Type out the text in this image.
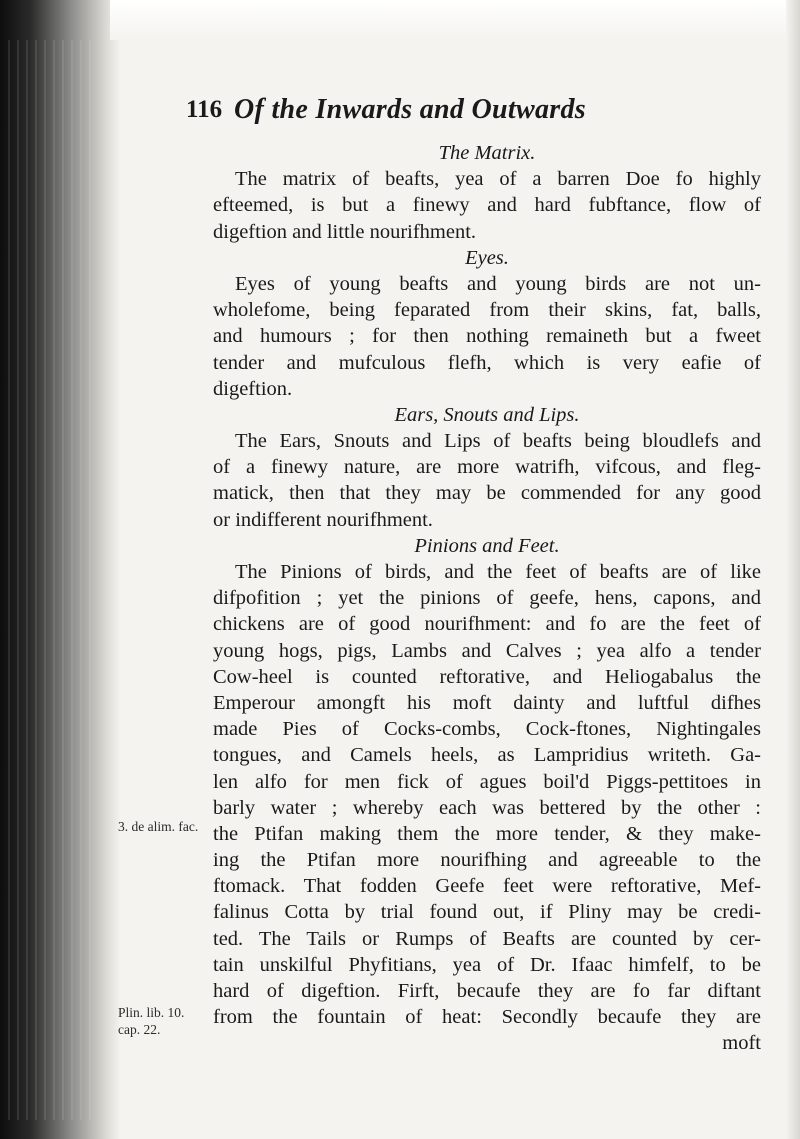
116 Of the Inwards and Outwards
The Matrix.
The matrix of beafts, yea of a barren Doe fo highly
efteemed, is but a finewy and hard fubftance, flow of
digeftion and little nourifhment.
Eyes.
Eyes of young beafts and young birds are not un-
wholefome, being feparated from their skins, fat, balls,
and humours ; for then nothing remaineth but a fweet
tender and mufculous flefh, which is very eafie of
digeftion.
Ears, Snouts and Lips.
The Ears, Snouts and Lips of beafts being bloudlefs and
of a finewy nature, are more watrifh, vifcous, and fleg-
matick, then that they may be commended for any good
or indifferent nourifhment.
Pinions and Feet.
The Pinions of birds, and the feet of beafts are of like
difpofition ; yet the pinions of geefe, hens, capons, and
chickens are of good nourifhment: and fo are the feet of
young hogs, pigs, Lambs and Calves ; yea alfo a tender
Cow-heel is counted reftorative, and Heliogabalus the
Emperour amongft his moft dainty and luftful difhes
made Pies of Cocks-combs, Cock-ftones, Nightingales
tongues, and Camels heels, as Lampridius writeth. Ga-
len alfo for men fick of agues boil'd Piggs-pettitoes in
barly water ; whereby each was bettered by the other :
the Ptifan making them the more tender, & they make-
ing the Ptifan more nourifhing and agreeable to the
ftomack. That fodden Geefe feet were reftorative, Mef-
falinus Cotta by trial found out, if Pliny may be credi-
ted. The Tails or Rumps of Beafts are counted by cer-
tain unskilful Phyfitians, yea of Dr. Ifaac himfelf, to be
hard of digeftion. Firft, becaufe they are fo far diftant
from the fountain of heat: Secondly becaufe they are
moft
3. de alim. fac.
Plin. lib. 10.
cap. 22.
